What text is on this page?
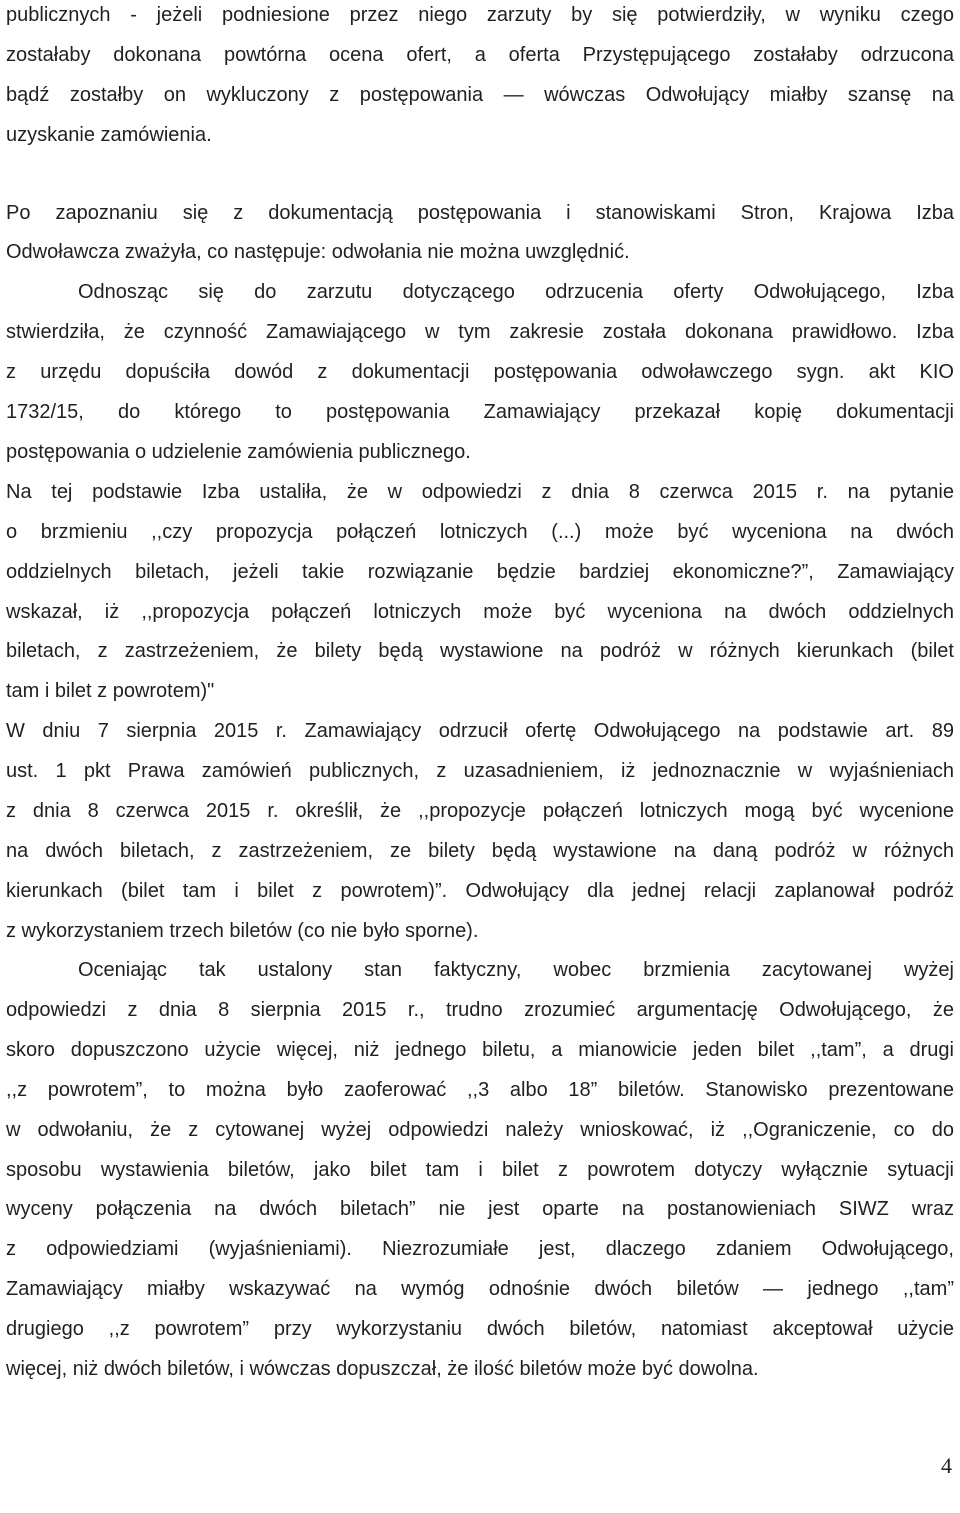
publicznych - jeżeli podniesione przez niego zarzuty by się potwierdziły, w wyniku czego
zostałaby dokonana powtórna ocena ofert, a oferta Przystępującego zostałaby odrzucona
bądź zostałby on wykluczony z postępowania — wówczas Odwołujący miałby szansę na
uzyskanie zamówienia.
Po zapoznaniu się z dokumentacją postępowania i stanowiskami Stron, Krajowa Izba
Odwoławcza zważyła, co następuje: odwołania nie można uwzględnić.
Odnosząc się do zarzutu dotyczącego odrzucenia oferty Odwołującego, Izba
stwierdziła, że czynność Zamawiającego w tym zakresie została dokonana prawidłowo. Izba
z urzędu dopuściła dowód z dokumentacji postępowania odwoławczego sygn. akt KIO
1732/15, do którego to postępowania Zamawiający przekazał kopię dokumentacji
postępowania o udzielenie zamówienia publicznego.
Na tej podstawie Izba ustaliła, że w odpowiedzi z dnia 8 czerwca 2015 r. na pytanie
o brzmieniu ,,czy propozycja połączeń lotniczych (...) może być wyceniona na dwóch
oddzielnych biletach, jeżeli takie rozwiązanie będzie bardziej ekonomiczne?”, Zamawiający
wskazał, iż ,,propozycja połączeń lotniczych może być wyceniona na dwóch oddzielnych
biletach, z zastrzeżeniem, że bilety będą wystawione na podróż w różnych kierunkach (bilet
tam i bilet z powrotem)"
W dniu 7 sierpnia 2015 r. Zamawiający odrzucił ofertę Odwołującego na podstawie art. 89
ust. 1 pkt Prawa zamówień publicznych, z uzasadnieniem, iż jednoznacznie w wyjaśnieniach
z dnia 8 czerwca 2015 r. określił, że ,,propozycje połączeń lotniczych mogą być wycenione
na dwóch biletach, z zastrzeżeniem, ze bilety będą wystawione na daną podróż w różnych
kierunkach (bilet tam i bilet z powrotem)”. Odwołujący dla jednej relacji zaplanował podróż
z wykorzystaniem trzech biletów (co nie było sporne).
Oceniając tak ustalony stan faktyczny, wobec brzmienia zacytowanej wyżej
odpowiedzi z dnia 8 sierpnia 2015 r., trudno zrozumieć argumentację Odwołującego, że
skoro dopuszczono użycie więcej, niż jednego biletu, a mianowicie jeden bilet ,,tam”, a drugi
,,z powrotem”, to można było zaoferować ,,3 albo 18” biletów. Stanowisko prezentowane
w odwołaniu, że z cytowanej wyżej odpowiedzi należy wnioskować, iż ,,Ograniczenie, co do
sposobu wystawienia biletów, jako bilet tam i bilet z powrotem dotyczy wyłącznie sytuacji
wyceny połączenia na dwóch biletach” nie jest oparte na postanowieniach SIWZ wraz
z odpowiedziami (wyjaśnieniami). Niezrozumiałe jest, dlaczego zdaniem Odwołującego,
Zamawiający miałby wskazywać na wymóg odnośnie dwóch biletów — jednego ,,tam”
drugiego ,,z powrotem” przy wykorzystaniu dwóch biletów, natomiast akceptował użycie
więcej, niż dwóch biletów, i wówczas dopuszczał, że ilość biletów może być dowolna.
4
